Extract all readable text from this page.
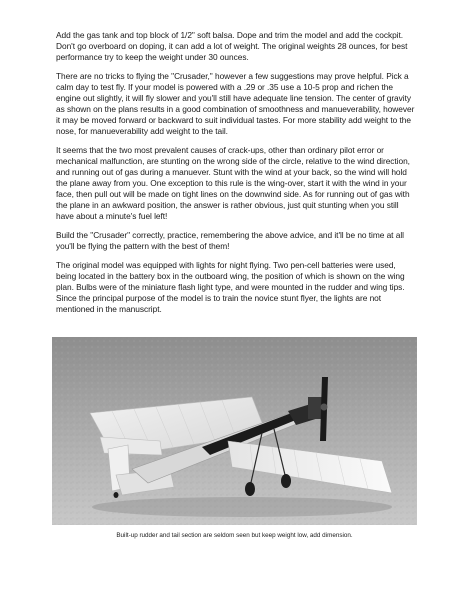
Add the gas tank and top block of 1/2" soft balsa. Dope and trim the model and add the cockpit. Don't go overboard on doping, it can add a lot of weight. The original weights 28 ounces, for best performance try to keep the weight under 30 ounces.

There are no tricks to flying the "Crusader," however a few suggestions may prove helpful. Pick a calm day to test fly. If your model is powered with a .29 or .35 use a 10-5 prop and richen the engine out slightly, it will fly slower and you'll still have adequate line tension. The center of gravity as shown on the plans results in a good combination of smoothness and manueverability, however it may be moved forward or backward to suit individual tastes. For more stability add weight to the nose, for manueverability add weight to the tail.

It seems that the two most prevalent causes of crack-ups, other than ordinary pilot error or mechanical malfunction, are stunting on the wrong side of the circle, relative to the wind direction, and running out of gas during a manuever. Stunt with the wind at your back, so the wind will hold the plane away from you. One exception to this rule is the wing-over, start it with the wind in your face, then pull out will be made on tight lines on the downwind side. As for running out of gas with the plane in an awkward position, the answer is rather obvious, just quit stunting when you still have about a minute's fuel left!

Build the "Crusader" correctly, practice, remembering the above advice, and it'll be no time at all you'll be flying the pattern with the best of them!

The original model was equipped with lights for night flying. Two pen-cell batteries were used, being located in the battery box in the outboard wing, the position of which is shown on the wing plan. Bulbs were of the miniature flash light type, and were mounted in the rudder and wing tips. Since the principal purpose of the model is to train the novice stunt flyer, the lights are not mentioned in the manuscript.

Built-up rudder and tail section are seldom seen but keep weight low, add dimension.
